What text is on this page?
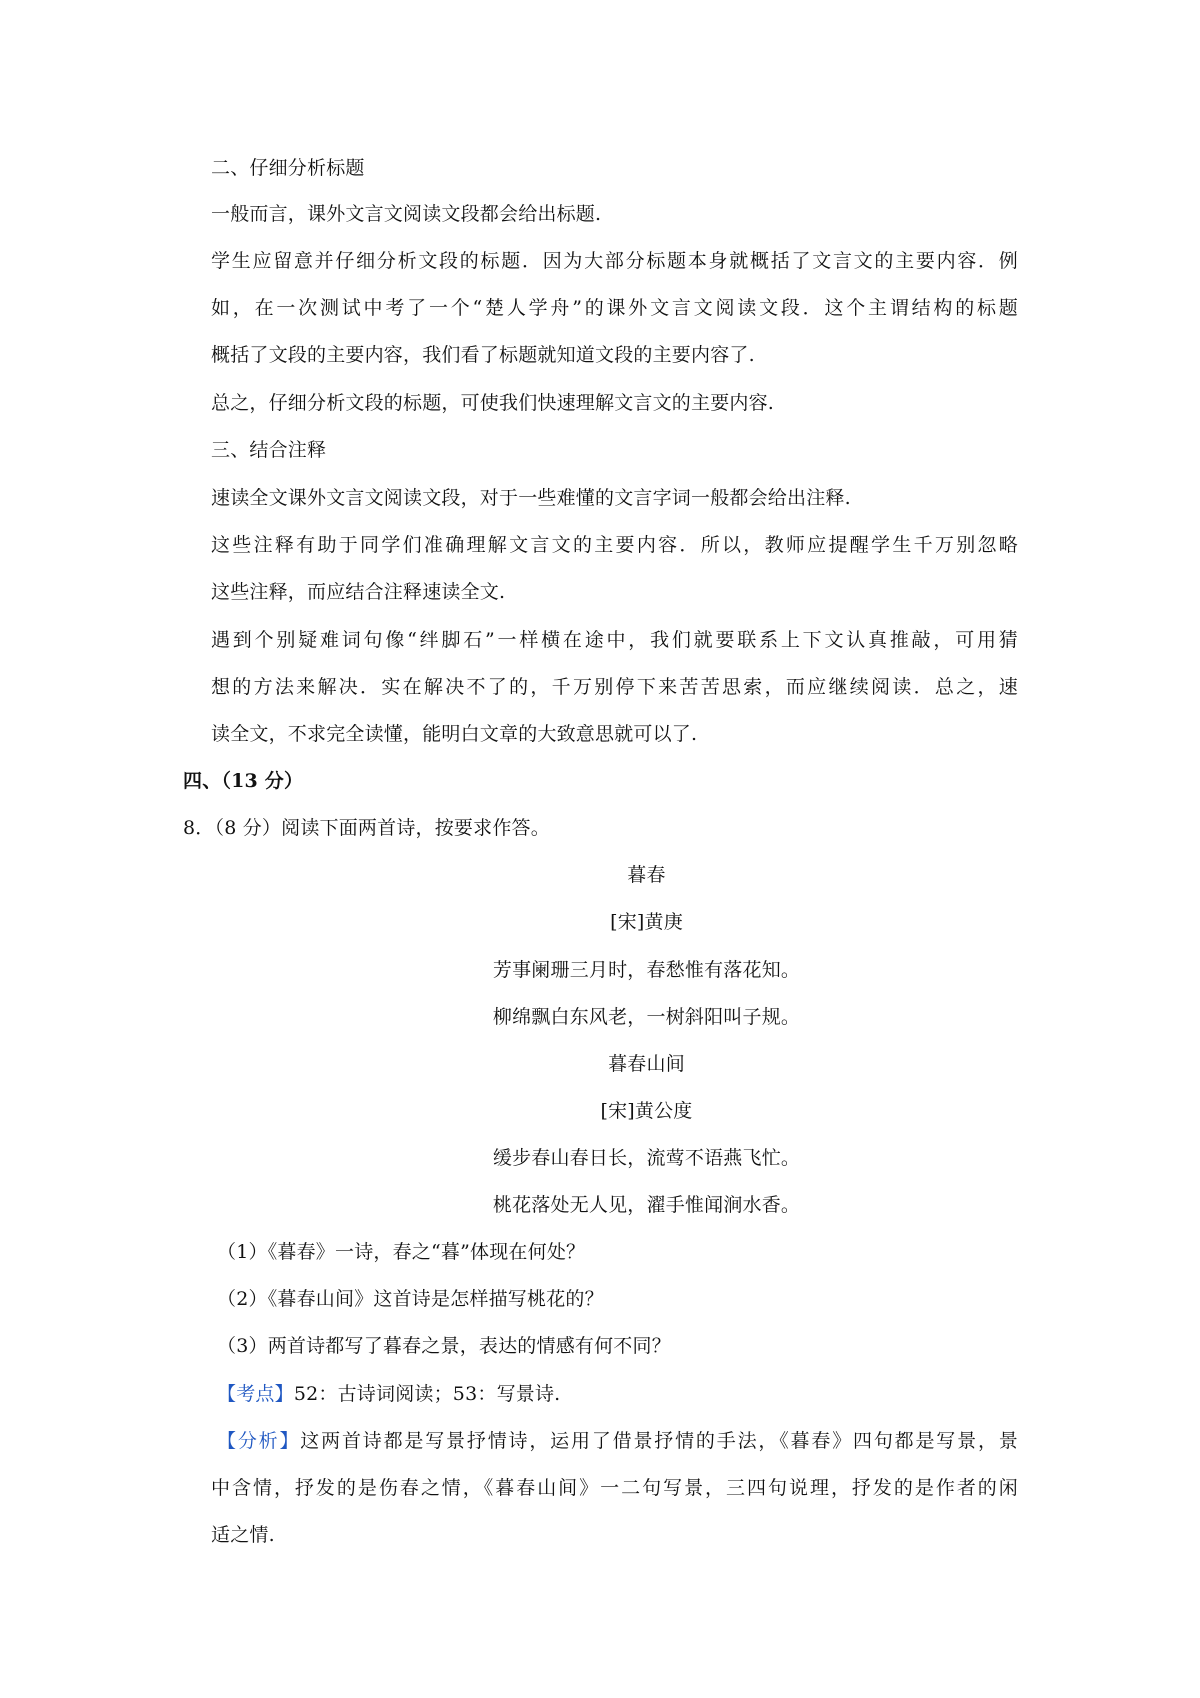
二、仔细分析标题
一般而言，课外文言文阅读文段都会给出标题.
学生应留意并仔细分析文段的标题．因为大部分标题本身就概括了文言文的主要内容．例
如，在一次测试中考了一个“楚人学舟”的课外文言文阅读文段．这个主谓结构的标题
概括了文段的主要内容，我们看了标题就知道文段的主要内容了.
总之，仔细分析文段的标题，可使我们快速理解文言文的主要内容.
三、结合注释
速读全文课外文言文阅读文段，对于一些难懂的文言字词一般都会给出注释.
这些注释有助于同学们准确理解文言文的主要内容．所以，教师应提醒学生千万别忽略
这些注释，而应结合注释速读全文.
遇到个别疑难词句像“绊脚石”一样横在途中，我们就要联系上下文认真推敲，可用猜
想的方法来解决．实在解决不了的，千万别停下来苦苦思索，而应继续阅读．总之，速
读全文，不求完全读懂，能明白文章的大致意思就可以了.
四、（13 分）
8．（8 分）阅读下面两首诗，按要求作答。
暮春
[宋]黄庚
芳事阑珊三月时，春愁惟有落花知。
柳绵飘白东风老，一树斜阳叫子规。
暮春山间
[宋]黄公度
缓步春山春日长，流莺不语燕飞忙。
桃花落处无人见，濯手惟闻涧水香。
（1）《暮春》一诗，春之“暮”体现在何处？
（2）《暮春山间》这首诗是怎样描写桃花的？
（3）两首诗都写了暮春之景，表达的情感有何不同？
【考点】52：古诗词阅读；53：写景诗.
【分析】这两首诗都是写景抒情诗，运用了借景抒情的手法，《暮春》四句都是写景，景
中含情，抒发的是伤春之情，《暮春山间》一二句写景，三四句说理，抒发的是作者的闲
适之情.
